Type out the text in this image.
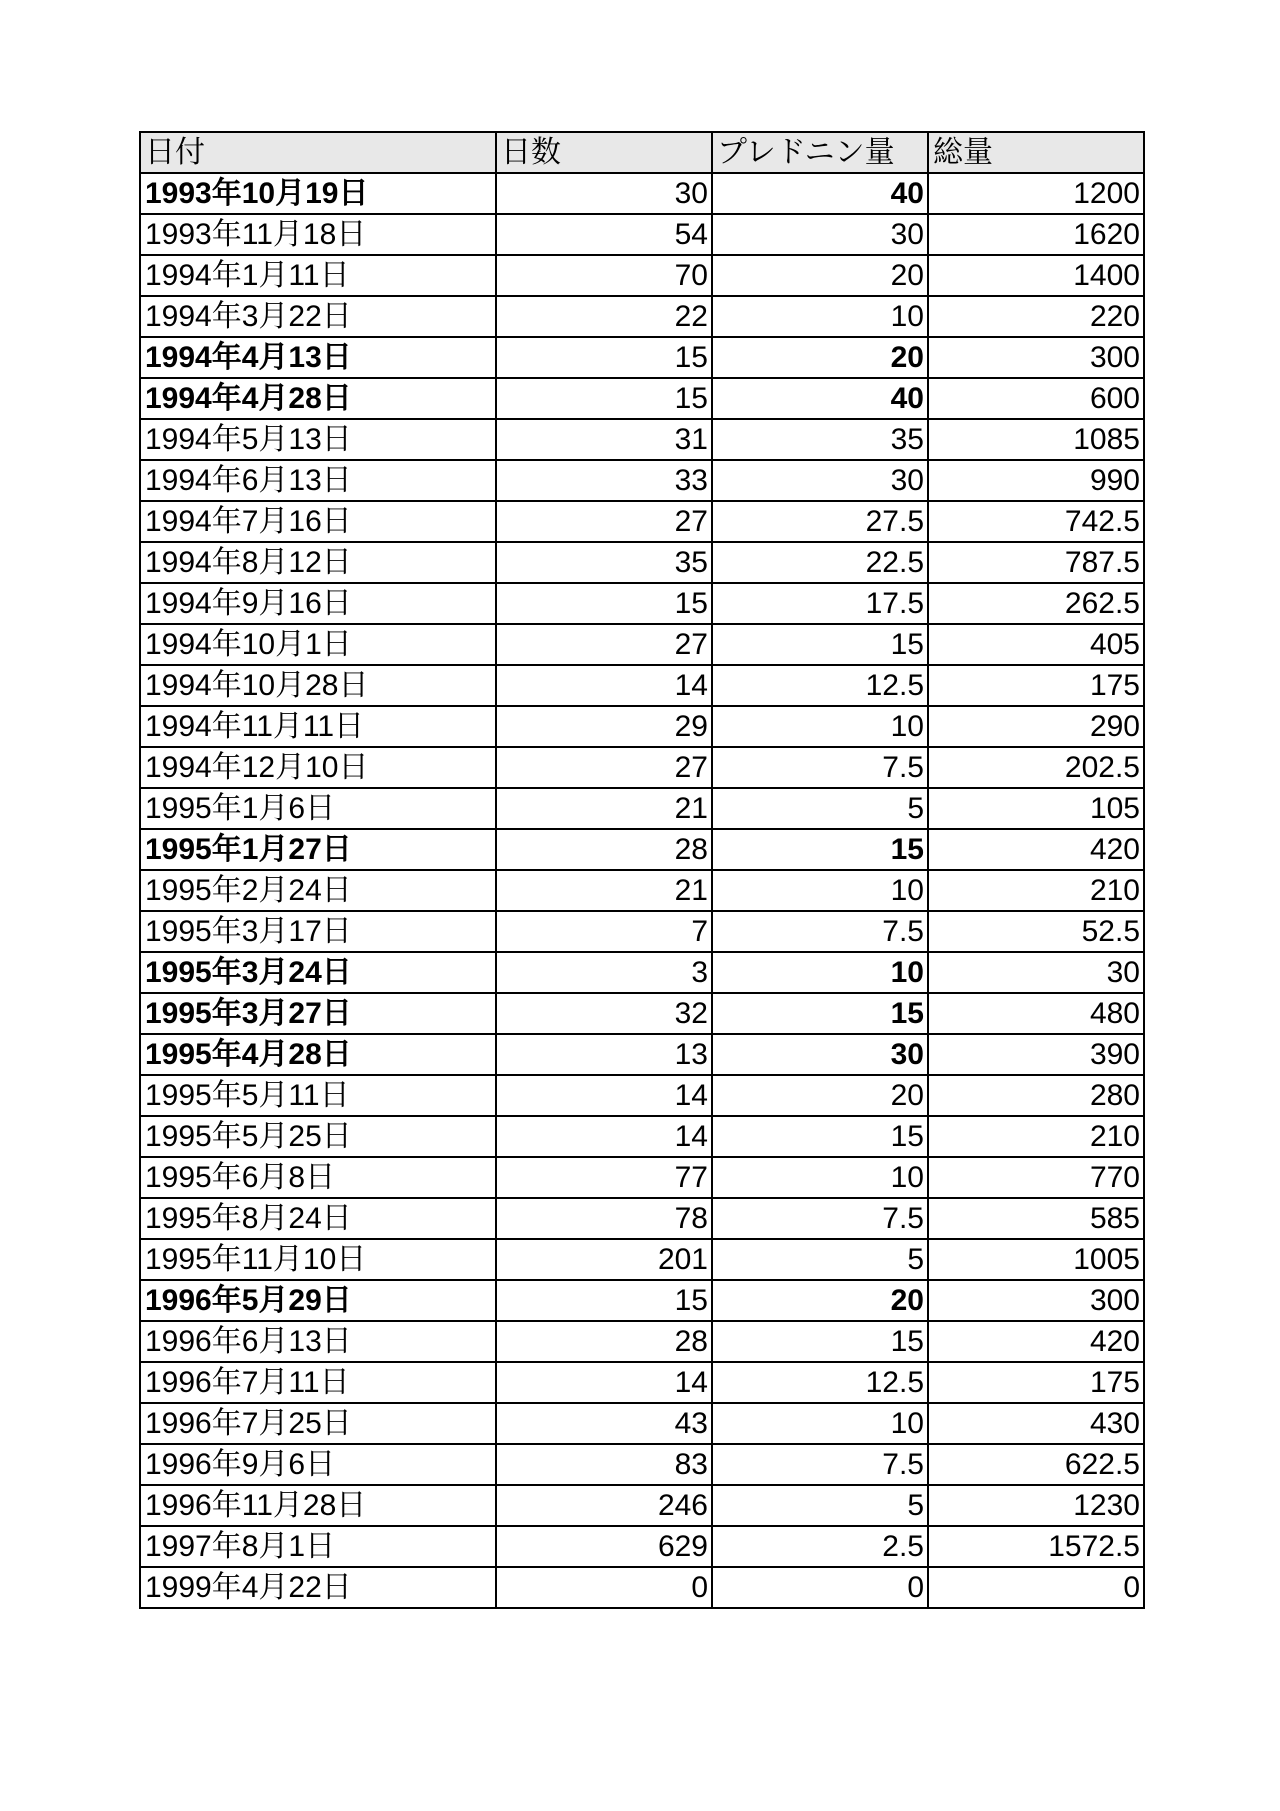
日付	日数	プレドニン量	総量
1993年10月19日	30	40	1200
1993年11月18日	54	30	1620
1994年1月11日	70	20	1400
1994年3月22日	22	10	220
1994年4月13日	15	20	300
1994年4月28日	15	40	600
1994年5月13日	31	35	1085
1994年6月13日	33	30	990
1994年7月16日	27	27.5	742.5
1994年8月12日	35	22.5	787.5
1994年9月16日	15	17.5	262.5
1994年10月1日	27	15	405
1994年10月28日	14	12.5	175
1994年11月11日	29	10	290
1994年12月10日	27	7.5	202.5
1995年1月6日	21	5	105
1995年1月27日	28	15	420
1995年2月24日	21	10	210
1995年3月17日	7	7.5	52.5
1995年3月24日	3	10	30
1995年3月27日	32	15	480
1995年4月28日	13	30	390
1995年5月11日	14	20	280
1995年5月25日	14	15	210
1995年6月8日	77	10	770
1995年8月24日	78	7.5	585
1995年11月10日	201	5	1005
1996年5月29日	15	20	300
1996年6月13日	28	15	420
1996年7月11日	14	12.5	175
1996年7月25日	43	10	430
1996年9月6日	83	7.5	622.5
1996年11月28日	246	5	1230
1997年8月1日	629	2.5	1572.5
1999年4月22日	0	0	0
